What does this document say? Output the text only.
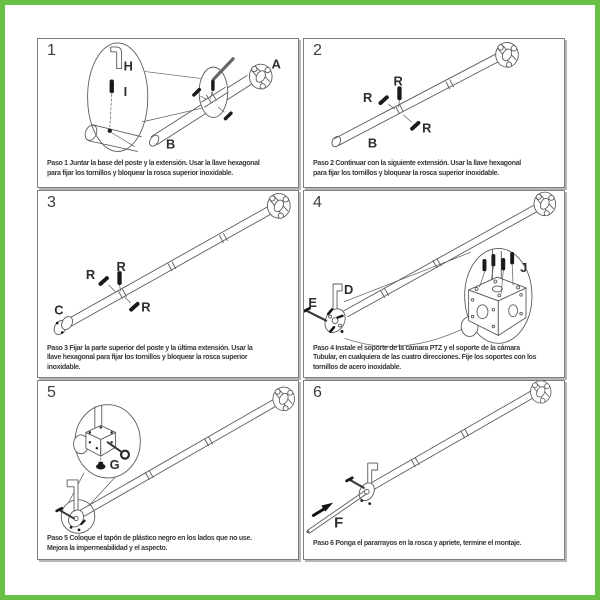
1
H
I
A
B
Paso 1 Juntar la base del poste y la extensión. Usar la llave hexagonal
para fijar los tornillos y bloquear la rosca superior inoxidable.
2
R
R
R
B
Paso 2 Continuar con la siguiente extensión. Usar la llave hexagonal
para fijar los tornillos y bloquear la rosca superior inoxidable.
3
R
R
R
C
Paso 3 Fijar la parte superior del poste y la última extensión. Usar la
llave hexagonal para fijar los tornillos y bloquear la rosca superior
inoxidable.
4
D
E
J
Paso 4 Instale el soporte de la cámara PTZ y el soporte de la cámara
Tubular, en cualquiera de las cuatro direcciones. Fije los soportes con los
tornillos de acero inoxidable.
5
G
Paso 5 Coloque el tapón de plástico negro en los lados que no use.
Mejora la impermeabilidad y el aspecto.
6
F
Paso 6 Ponga el pararrayos en la rosca y apriete, termine el montaje.
